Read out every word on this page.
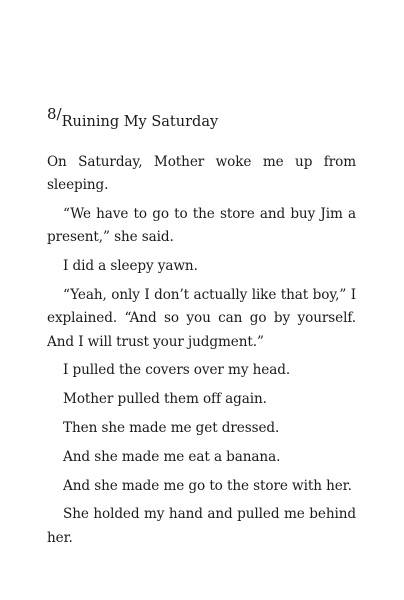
8/Ruining My Saturday

On Saturday, Mother woke me up from sleeping.

“We have to go to the store and buy Jim a present,” she said.

I did a sleepy yawn.

“Yeah, only I don’t actually like that boy,” I explained. “And so you can go by yourself. And I will trust your judgment.”

I pulled the covers over my head.

Mother pulled them off again.

Then she made me get dressed.

And she made me eat a banana.

And she made me go to the store with her.

She holded my hand and pulled me behind her.
